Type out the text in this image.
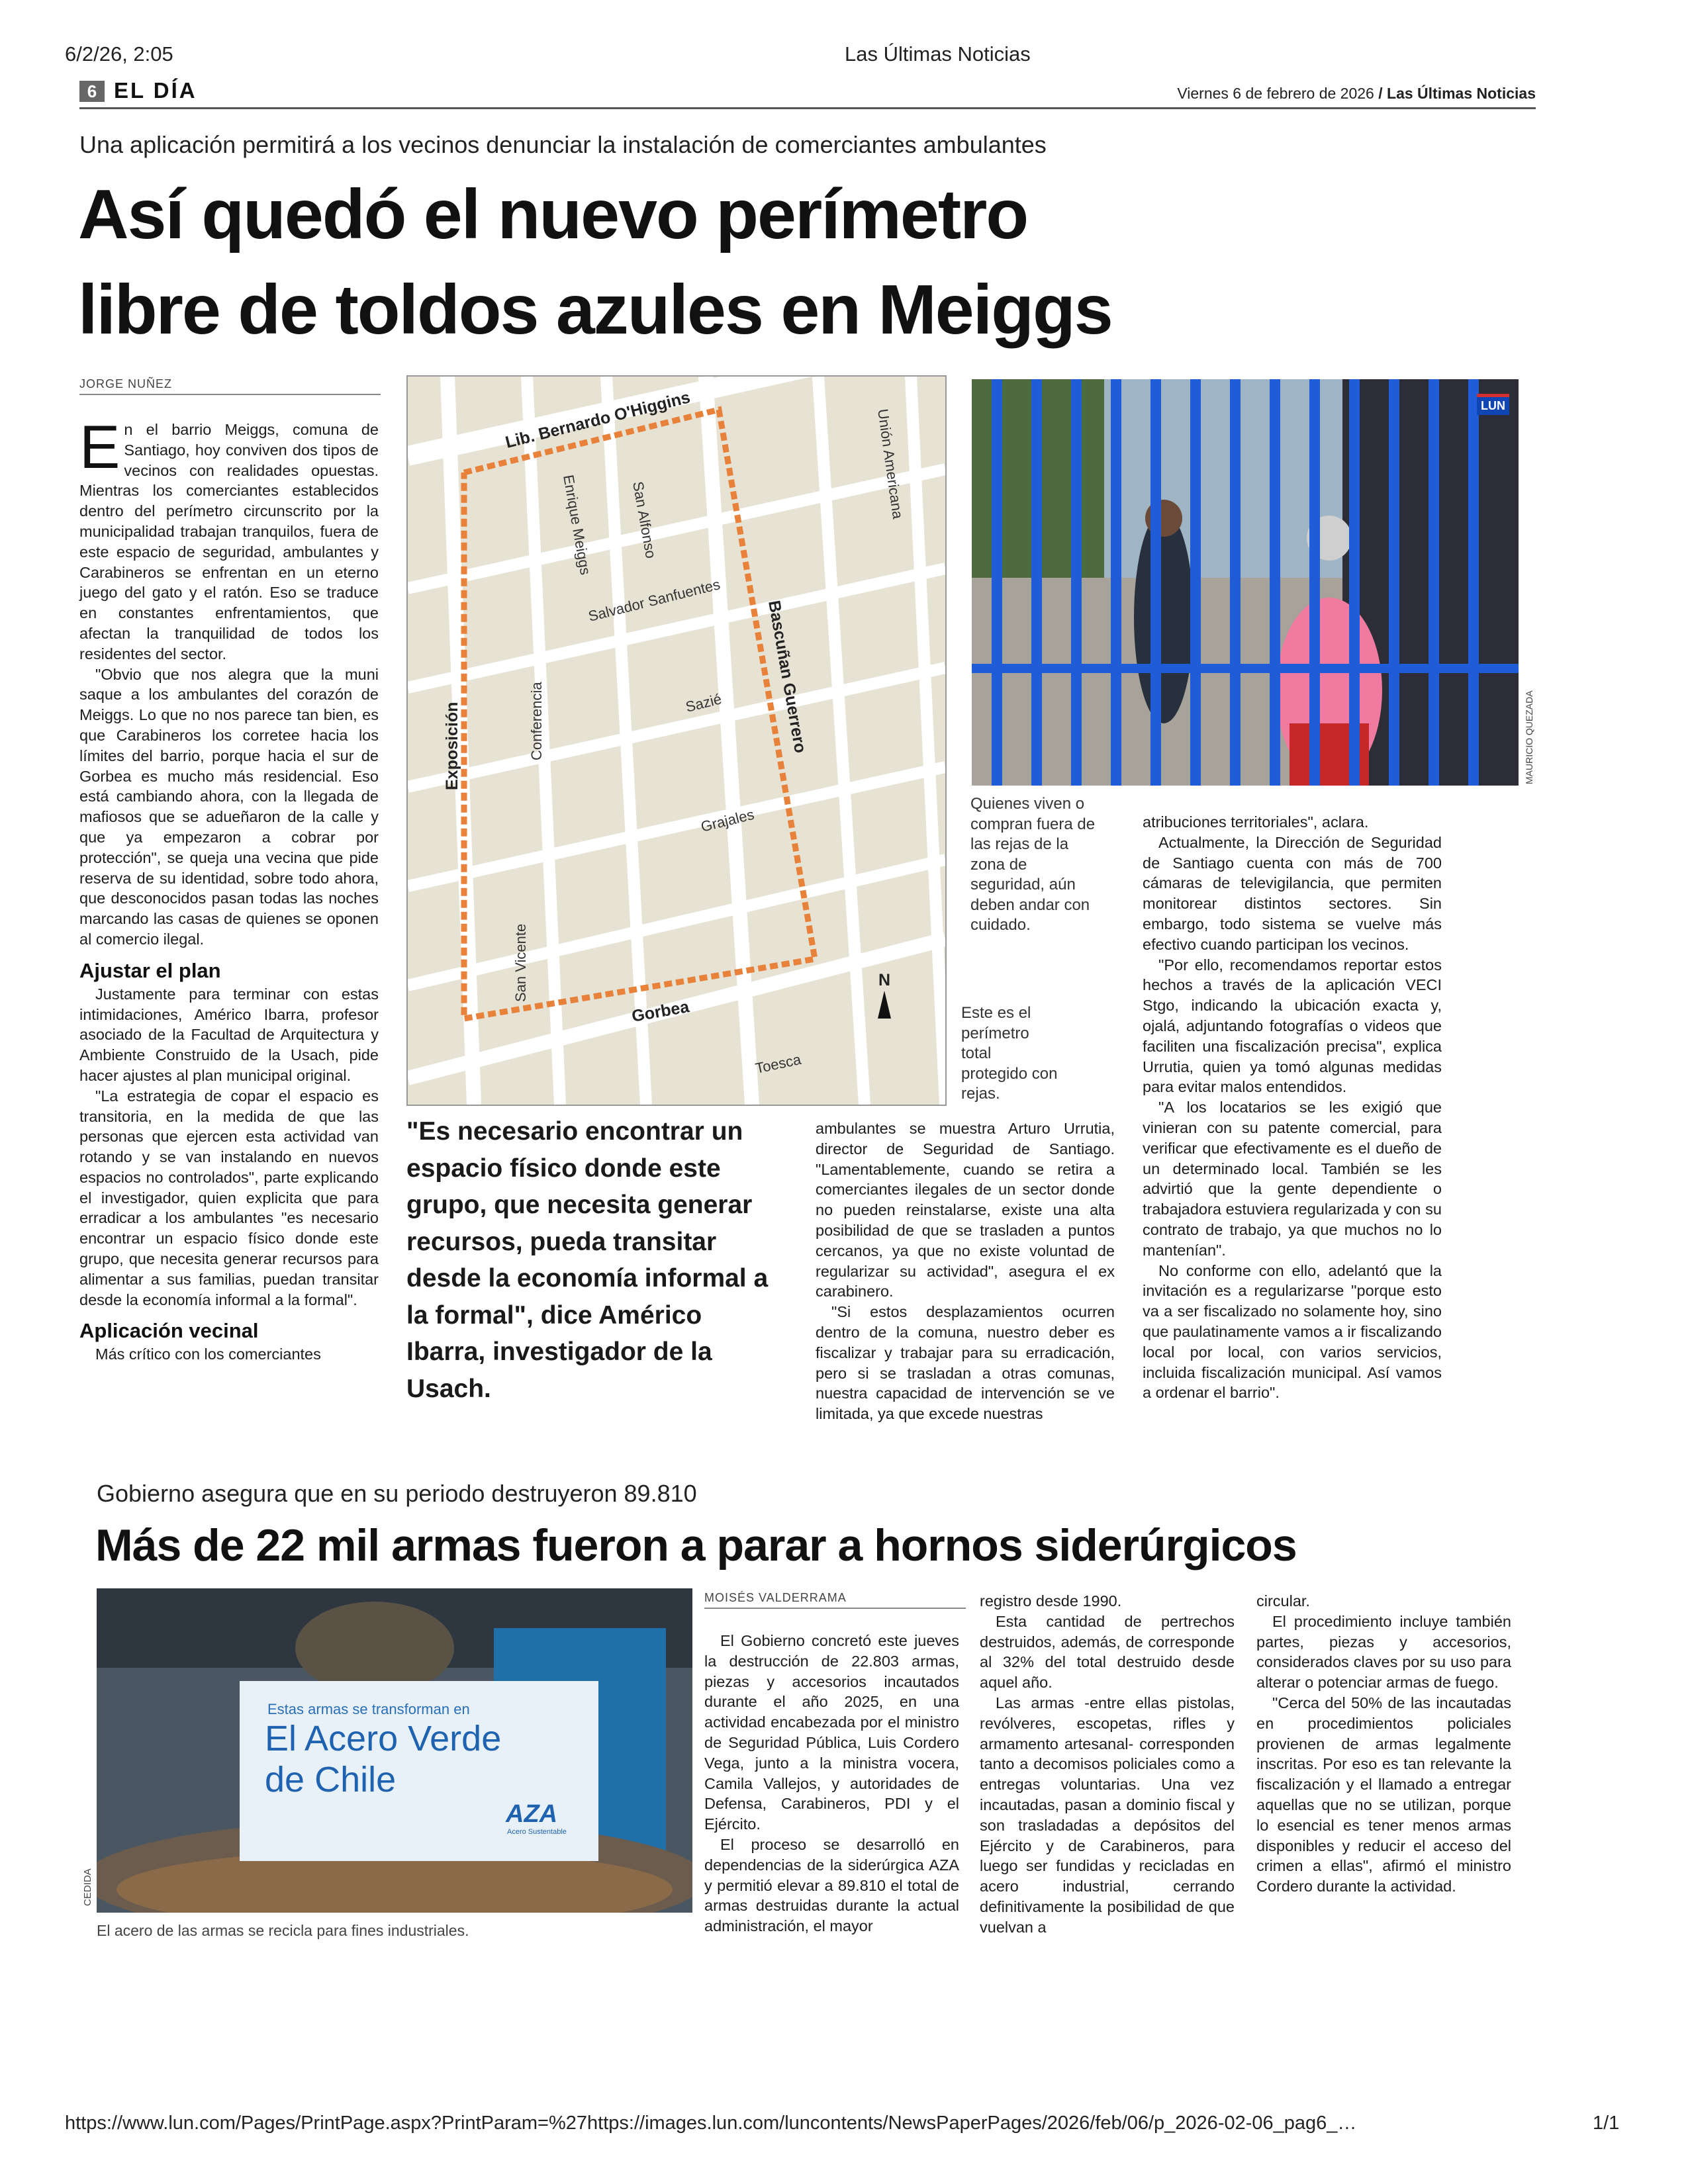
6/2/26, 2:05	Las Últimas Noticias
6 EL DÍA	Viernes 6 de febrero de 2026 / Las Últimas Noticias
Una aplicación permitirá a los vecinos denunciar la instalación de comerciantes ambulantes
Así quedó el nuevo perímetro
libre de toldos azules en Meiggs
JORGE NUÑEZ

En el barrio Meiggs, comuna de Santiago, hoy conviven dos tipos de vecinos con realidades opuestas. Mientras los comerciantes establecidos dentro del perímetro circunscrito por la municipalidad trabajan tranquilos, fuera de este espacio de seguridad, ambulantes y Carabineros se enfrentan en un eterno juego del gato y el ratón. Eso se traduce en constantes enfrentamientos, que afectan la tranquilidad de todos los residentes del sector.

"Obvio que nos alegra que la muni saque a los ambulantes del corazón de Meiggs. Lo que no nos parece tan bien, es que Carabineros los corretee hacia los límites del barrio, porque hacia el sur de Gorbea es mucho más residencial. Eso está cambiando ahora, con la llegada de mafiosos que se adueñaron de la calle y que ya empezaron a cobrar por protección", se queja una vecina que pide reserva de su identidad, sobre todo ahora, que desconocidos pasan todas las noches marcando las casas de quienes se oponen al comercio ilegal.

Ajustar el plan

Justamente para terminar con estas intimidaciones, Américo Ibarra, profesor asociado de la Facultad de Arquitectura y Ambiente Construido de la Usach, pide hacer ajustes al plan municipal original.

"La estrategia de copar el espacio es transitoria, en la medida de que las personas que ejercen esta actividad van rotando y se van instalando en nuevos espacios no controlados", parte explicando el investigador, quien explicita que para erradicar a los ambulantes "es necesario encontrar un espacio físico donde este grupo, que necesita generar recursos para alimentar a sus familias, puedan transitar desde la economía informal a la formal".

Aplicación vecinal

Más crítico con los comerciantes

Lib. Bernardo O'Higgins	Unión Americana
Enrique Meiggs San Alfonso
Salvador Sanfuentes	Bascuñan Guerrero
Exposición	Conferencia	Sazié
Grajales
San Vicente
Gorbea
Toesca
N
Este es el perímetro total protegido con rejas.
LUN
MAURICIO QUEZADA
Quienes viven o compran fuera de las rejas de la zona de seguridad, aún deben andar con cuidado.
"Es necesario encontrar un espacio físico donde este grupo, que necesita generar recursos, pueda transitar desde la economía informal a la formal", dice Américo Ibarra, investigador de la Usach.

ambulantes se muestra Arturo Urrutia, director de Seguridad de Santiago. "Lamentablemente, cuando se retira a comerciantes ilegales de un sector donde no pueden reinstalarse, existe una alta posibilidad de que se trasladen a puntos cercanos, ya que no existe voluntad de regularizar su actividad", asegura el ex carabinero.

"Si estos desplazamientos ocurren dentro de la comuna, nuestro deber es fiscalizar y trabajar para su erradicación, pero si se trasladan a otras comunas, nuestra capacidad de intervención se ve limitada, ya que excede nuestras

atribuciones territoriales", aclara.

Actualmente, la Dirección de Seguridad de Santiago cuenta con más de 700 cámaras de televigilancia, que permiten monitorear distintos sectores. Sin embargo, todo sistema se vuelve más efectivo cuando participan los vecinos.

"Por ello, recomendamos reportar estos hechos a través de la aplicación VECI Stgo, indicando la ubicación exacta y, ojalá, adjuntando fotografías o videos que faciliten una fiscalización precisa", explica Urrutia, quien ya tomó algunas medidas para evitar malos entendidos.

"A los locatarios se les exigió que vinieran con su patente comercial, para verificar que efectivamente es el dueño de un determinado local. También se les advirtió que la gente dependiente o trabajadora estuviera regularizada y con su contrato de trabajo, ya que muchos no lo mantenían".

No conforme con ello, adelantó que la invitación es a regularizarse "porque esto va a ser fiscalizado no solamente hoy, sino que paulatinamente vamos a ir fiscalizando local por local, con varios servicios, incluida fiscalización municipal. Así vamos a ordenar el barrio".

Gobierno asegura que en su periodo destruyeron 89.810
Más de 22 mil armas fueron a parar a hornos siderúrgicos
Estas armas se transforman en
El Acero Verde
de Chile
AZA
Acero Sustentable
CEDIDA
El acero de las armas se recicla para fines industriales.
MOISÉS VALDERRAMA

El Gobierno concretó este jueves la destrucción de 22.803 armas, piezas y accesorios incautados durante el año 2025, en una actividad encabezada por el ministro de Seguridad Pública, Luis Cordero Vega, junto a la ministra vocera, Camila Vallejos, y autoridades de Defensa, Carabineros, PDI y el Ejército.

El proceso se desarrolló en dependencias de la siderúrgica AZA y permitió elevar a 89.810 el total de armas destruidas durante la actual administración, el mayor

registro desde 1990.

Esta cantidad de pertrechos destruidos, además, de corresponde al 32% del total destruido desde aquel año.

Las armas -entre ellas pistolas, revólveres, escopetas, rifles y armamento artesanal- corresponden tanto a decomisos policiales como a entregas voluntarias. Una vez incautadas, pasan a dominio fiscal y son trasladadas a depósitos del Ejército y de Carabineros, para luego ser fundidas y recicladas en acero industrial, cerrando definitivamente la posibilidad de que vuelvan a

circular.

El procedimiento incluye también partes, piezas y accesorios, considerados claves por su uso para alterar o potenciar armas de fuego.

"Cerca del 50% de las incautadas en procedimientos policiales provienen de armas legalmente inscritas. Por eso es tan relevante la fiscalización y el llamado a entregar aquellas que no se utilizan, porque lo esencial es tener menos armas disponibles y reducir el acceso del crimen a ellas", afirmó el ministro Cordero durante la actividad.

https://www.lun.com/Pages/PrintPage.aspx?PrintParam=%27https://images.lun.com/luncontents/NewsPaperPages/2026/feb/06/p_2026-02-06_pag6_…	1/1
